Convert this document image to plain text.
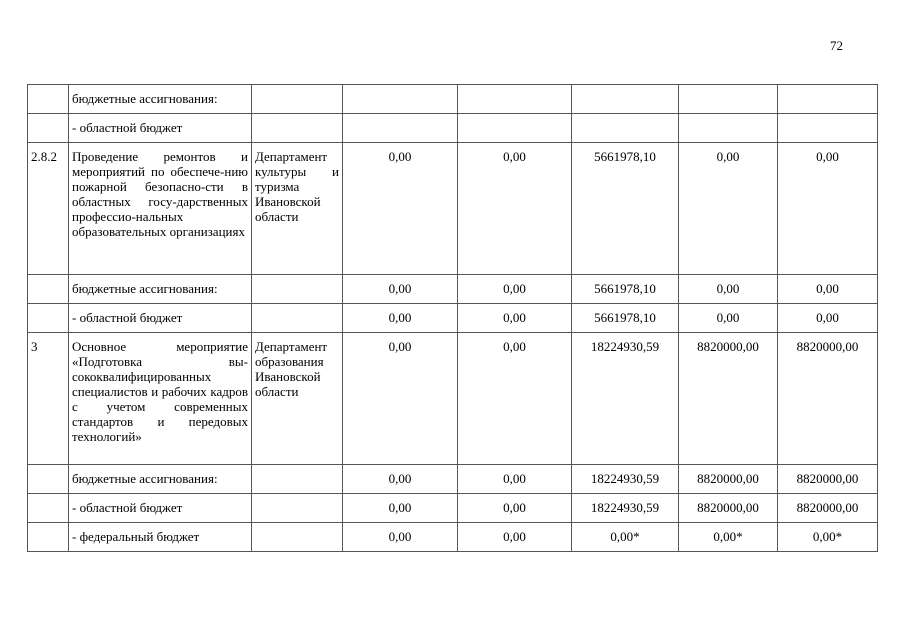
72
	бюджетные ассигнования:						
	- областной бюджет						
2.8.2	Проведение ремонтов и мероприятий по обеспече-нию пожарной безопасно-сти в областных госу-дарственных профессио-нальных образовательных организациях	Департамент культуры и туризма Ивановской области	0,00	0,00	5661978,10	0,00	0,00
	бюджетные ассигнования:		0,00	0,00	5661978,10	0,00	0,00
	- областной бюджет		0,00	0,00	5661978,10	0,00	0,00
3	Основное мероприятие «Подготовка вы-сококвалифицированных специалистов и рабочих кадров с учетом современных стандартов и передовых технологий»	Департамент образования Ивановской области	0,00	0,00	18224930,59	8820000,00	8820000,00
	бюджетные ассигнования:		0,00	0,00	18224930,59	8820000,00	8820000,00
	- областной бюджет		0,00	0,00	18224930,59	8820000,00	8820000,00
	- федеральный бюджет		0,00	0,00	0,00*	0,00*	0,00*
